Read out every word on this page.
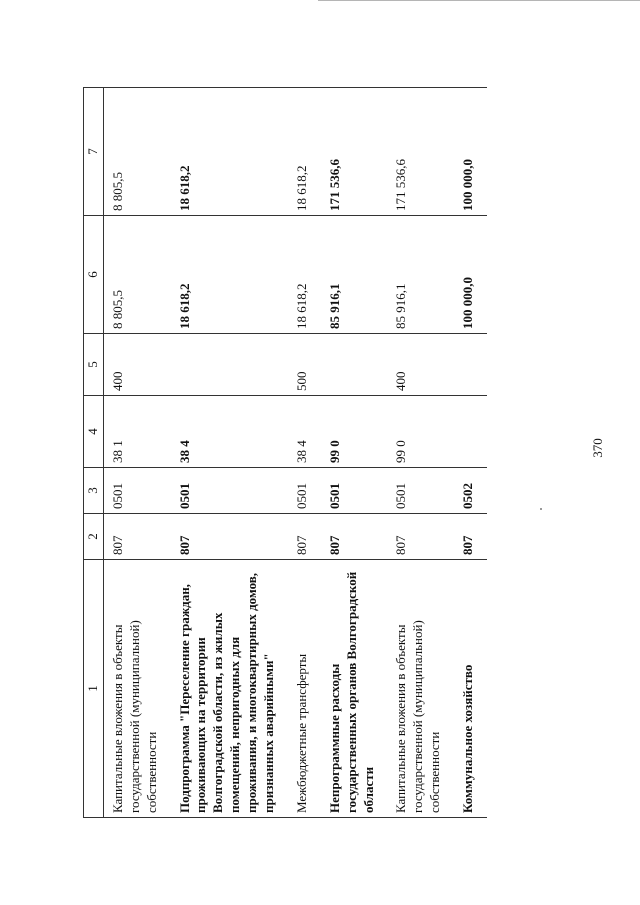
370
1	2	3	4	5	6	7
Капитальные вложения в объекты государственной (муниципальной) собственности	807	0501	38 1	400	8 805,5	8 805,5
Подпрограмма "Переселение граждан, проживающих на территории Волгоградской области, из жилых помещений, непригодных для проживания, и многоквартирных домов, признанных аварийными"	807	0501	38 4		18 618,2	18 618,2
Межбюджетные трансферты	807	0501	38 4	500	18 618,2	18 618,2
Непрограммные расходы государственных органов Волгоградской области	807	0501	99 0		85 916,1	171 536,6
Капитальные вложения в объекты государственной (муниципальной) собственности	807	0501	99 0	400	85 916,1	171 536,6
Коммунальное хозяйство	807	0502			100 000,0	100 000,0
